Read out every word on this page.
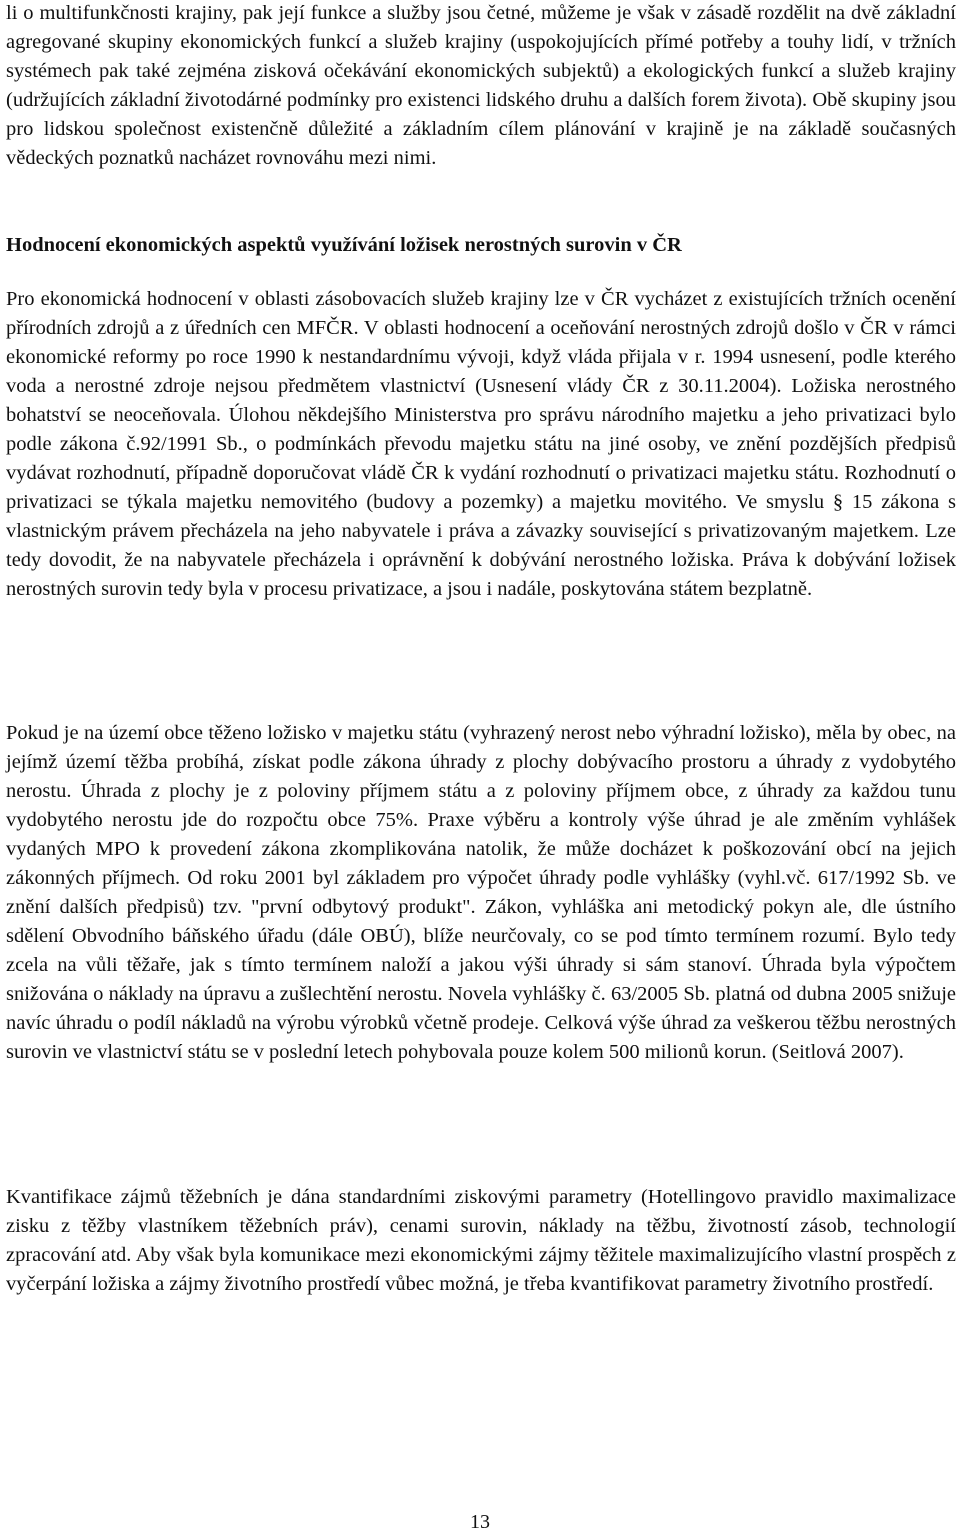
li o multifunkčnosti krajiny, pak její funkce a služby jsou četné, můžeme je však v zásadě rozdělit na dvě základní agregované skupiny ekonomických funkcí a služeb krajiny (uspokojujících přímé potřeby a touhy lidí, v tržních systémech pak také zejména zisková očekávání ekonomických subjektů) a ekologických funkcí a služeb krajiny (udržujících základní životodárné podmínky pro existenci lidského druhu a dalších forem života). Obě skupiny jsou pro lidskou společnost existenčně důležité a základním cílem plánování v krajině je na základě současných vědeckých poznatků nacházet rovnováhu mezi nimi.

Hodnocení ekonomických aspektů využívání ložisek nerostných surovin v ČR

Pro ekonomická hodnocení v oblasti zásobovacích služeb krajiny lze v ČR vycházet z existujících tržních ocenění přírodních zdrojů a z úředních cen MFČR. V oblasti hodnocení a oceňování nerostných zdrojů došlo v ČR v rámci ekonomické reformy po roce 1990 k nestandardnímu vývoji, když vláda přijala v r. 1994 usnesení, podle kterého voda a nerostné zdroje nejsou předmětem vlastnictví (Usnesení vlády ČR z 30.11.2004). Ložiska nerostného bohatství se neoceňovala. Úlohou někdejšího Ministerstva pro správu národního majetku a jeho privatizaci bylo podle zákona č.92/1991 Sb., o podmínkách převodu majetku státu na jiné osoby, ve znění pozdějších předpisů vydávat rozhodnutí, případně doporučovat vládě ČR k vydání rozhodnutí o privatizaci majetku státu. Rozhodnutí o privatizaci se týkala majetku nemovitého (budovy a pozemky) a majetku movitého. Ve smyslu § 15 zákona s vlastnickým právem přecházela na jeho nabyvatele i práva a závazky související s privatizovaným majetkem. Lze tedy dovodit, že na nabyvatele přecházela i oprávnění k dobývání nerostného ložiska. Práva k dobývání ložisek nerostných surovin tedy byla v procesu privatizace, a jsou i nadále, poskytována státem bezplatně.

Pokud je na území obce těženo ložisko v majetku státu (vyhrazený nerost nebo výhradní ložisko), měla by obec, na jejímž území těžba probíhá, získat podle zákona úhrady z plochy dobývacího prostoru a úhrady z vydobytého nerostu. Úhrada z plochy je z poloviny příjmem státu a z poloviny příjmem obce, z úhrady za každou tunu vydobytého nerostu jde do rozpočtu obce 75%. Praxe výběru a kontroly výše úhrad je ale změním vyhlášek vydaných MPO k provedení zákona zkomplikována natolik, že může docházet k poškozování obcí na jejich zákonných příjmech. Od roku 2001 byl základem pro výpočet úhrady podle vyhlášky (vyhl.vč. 617/1992 Sb. ve znění dalších předpisů) tzv. "první odbytový produkt". Zákon, vyhláška ani metodický pokyn ale, dle ústního sdělení Obvodního báňského úřadu (dále OBÚ), blíže neurčovaly, co se pod tímto termínem rozumí. Bylo tedy zcela na vůli těžaře, jak s tímto termínem naloží a jakou výši úhrady si sám stanoví. Úhrada byla výpočtem snižována o náklady na úpravu a zušlechtění nerostu. Novela vyhlášky č. 63/2005 Sb. platná od dubna 2005 snižuje navíc úhradu o podíl nákladů na výrobu výrobků včetně prodeje. Celková výše úhrad za veškerou těžbu nerostných surovin ve vlastnictví státu se v poslední letech pohybovala pouze kolem 500 milionů korun. (Seitlová 2007).

Kvantifikace zájmů těžebních je dána standardními ziskovými parametry (Hotellingovo pravidlo maximalizace zisku z těžby vlastníkem těžebních práv), cenami surovin, náklady na těžbu, životností zásob, technologií zpracování atd. Aby však byla komunikace mezi ekonomickými zájmy těžitele maximalizujícího vlastní prospěch z vyčerpání ložiska a zájmy životního prostředí vůbec možná, je třeba kvantifikovat parametry životního prostředí.

13
